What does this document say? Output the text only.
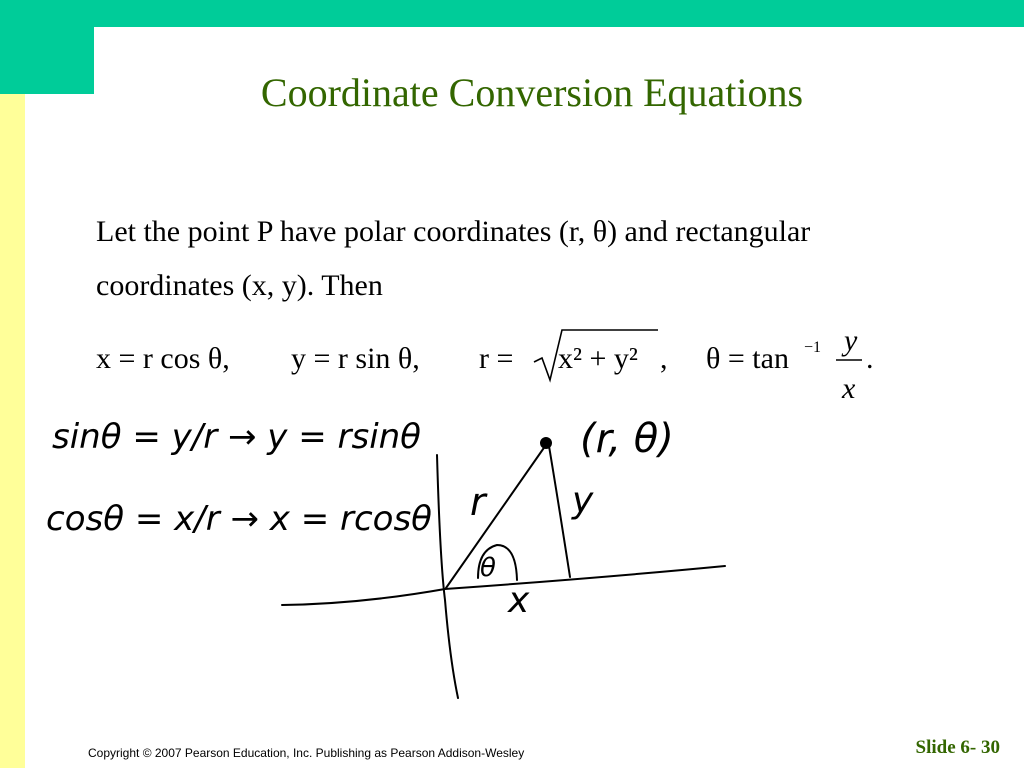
Coordinate Conversion Equations
Let the point P have polar coordinates (r, θ) and rectangular
coordinates (x, y). Then
x = r cos θ, y = r sin θ, r = x² + y² , θ = tan −1 y
x
.
sinθ = y/r → y = rsinθ
cosθ = x/r → x = rcosθ
(r, θ)
r y
x
θ
Copyright © 2007 Pearson Education, Inc. Publishing as Pearson Addison-Wesley	Slide 6- 30
